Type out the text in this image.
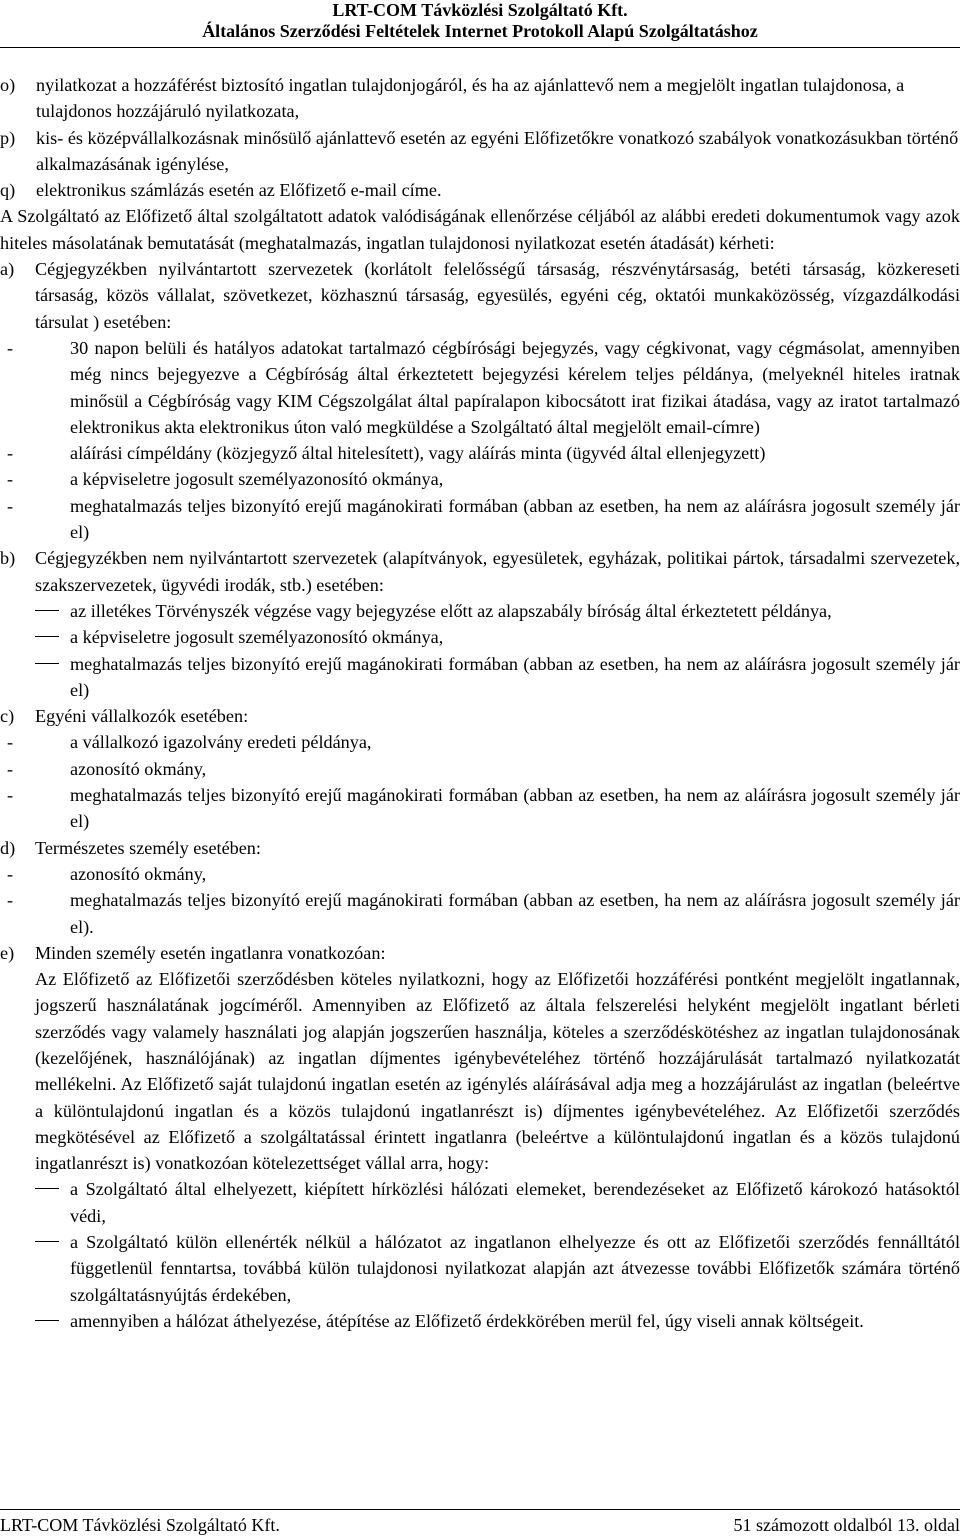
LRT-COM Távközlési Szolgáltató Kft.
Általános Szerződési Feltételek Internet Protokoll Alapú Szolgáltatáshoz
o)	nyilatkozat a hozzáférést biztosító ingatlan tulajdonjogáról, és ha az ajánlattevő nem a megjelölt ingatlan tulajdonosa, a tulajdonos hozzájáruló nyilatkozata,
p)	kis- és középvállalkozásnak minősülő ajánlattevő esetén az egyéni Előfizetőkre vonatkozó szabályok vonatkozásukban történő alkalmazásának igénylése,
q)	elektronikus számlázás esetén az Előfizető e-mail címe.
A Szolgáltató az Előfizető által szolgáltatott adatok valódiságának ellenőrzése céljából az alábbi eredeti dokumentumok vagy azok hiteles másolatának bemutatását (meghatalmazás, ingatlan tulajdonosi nyilatkozat esetén átadását) kérheti:
a)	Cégjegyzékben nyilvántartott szervezetek (korlátolt felelősségű társaság, részvénytársaság, betéti társaság, közkereseti társaság, közös vállalat, szövetkezet, közhasznú társaság, egyesülés, egyéni cég, oktatói munkaközösség, vízgazdálkodási társulat ) esetében:
-	30 napon belüli és hatályos adatokat tartalmazó cégbírósági bejegyzés, vagy cégkivonat, vagy cégmásolat, amennyiben még nincs bejegyezve a Cégbíróság által érkeztetett bejegyzési kérelem teljes példánya, (melyeknél hiteles iratnak minősül a Cégbíróság vagy KIM Cégszolgálat által papíralapon kibocsátott irat fizikai átadása, vagy az iratot tartalmazó elektronikus akta elektronikus úton való megküldése a Szolgáltató által megjelölt email-címre)
-	aláírási címpéldány (közjegyző által hitelesített), vagy aláírás minta (ügyvéd által ellenjegyzett)
-	a képviseletre jogosult személyazonosító okmánya,
-	meghatalmazás teljes bizonyító erejű magánokirati formában (abban az esetben, ha nem az aláírásra jogosult személy jár el)
b)	Cégjegyzékben nem nyilvántartott szervezetek (alapítványok, egyesületek, egyházak, politikai pártok, társadalmi szervezetek, szakszervezetek, ügyvédi irodák, stb.) esetében:
az illetékes Törvényszék végzése vagy bejegyzése előtt az alapszabály bíróság által érkeztetett példánya,
a képviseletre jogosult személyazonosító okmánya,
meghatalmazás teljes bizonyító erejű magánokirati formában (abban az esetben, ha nem az aláírásra jogosult személy jár el)
c)	Egyéni vállalkozók esetében:
-	a vállalkozó igazolvány eredeti példánya,
-	azonosító okmány,
-	meghatalmazás teljes bizonyító erejű magánokirati formában (abban az esetben, ha nem az aláírásra jogosult személy jár el)
d)	Természetes személy esetében:
-	azonosító okmány,
-	meghatalmazás teljes bizonyító erejű magánokirati formában (abban az esetben, ha nem az aláírásra jogosult személy jár el).
e)	Minden személy esetén ingatlanra vonatkozóan:
Az Előfizető az Előfizetői szerződésben köteles nyilatkozni, hogy az Előfizetői hozzáférési pontként megjelölt ingatlannak, jogszerű használatának jogcíméről. Amennyiben az Előfizető az általa felszerelési helyként megjelölt ingatlant bérleti szerződés vagy valamely használati jog alapján jogszerűen használja, köteles a szerződéskötéshez az ingatlan tulajdonosának (kezelőjének, használójának) az ingatlan díjmentes igénybevételéhez történő hozzájárulását tartalmazó nyilatkozatát mellékelni. Az Előfizető saját tulajdonú ingatlan esetén az igénylés aláírásával adja meg a hozzájárulást az ingatlan (beleértve a különtulajdonú ingatlan és a közös tulajdonú ingatlanrészt is) díjmentes igénybevételéhez. Az Előfizetői szerződés megkötésével az Előfizető a szolgáltatással érintett ingatlanra (beleértve a különtulajdonú ingatlan és a közös tulajdonú ingatlanrészt is) vonatkozóan kötelezettséget vállal arra, hogy:
a Szolgáltató által elhelyezett, kiépített hírközlési hálózati elemeket, berendezéseket az Előfizető károkozó hatásoktól védi,
a Szolgáltató külön ellenérték nélkül a hálózatot az ingatlanon elhelyezze és ott az Előfizetői szerződés fennálltától függetlenül fenntartsa, továbbá külön tulajdonosi nyilatkozat alapján azt átvezesse további Előfizetők számára történő szolgáltatásnyújtás érdekében,
amennyiben a hálózat áthelyezése, átépítése az Előfizető érdekkörében merül fel, úgy viseli annak költségeit.
LRT-COM Távközlési Szolgáltató Kft.	51 számozott oldalból 13. oldal
